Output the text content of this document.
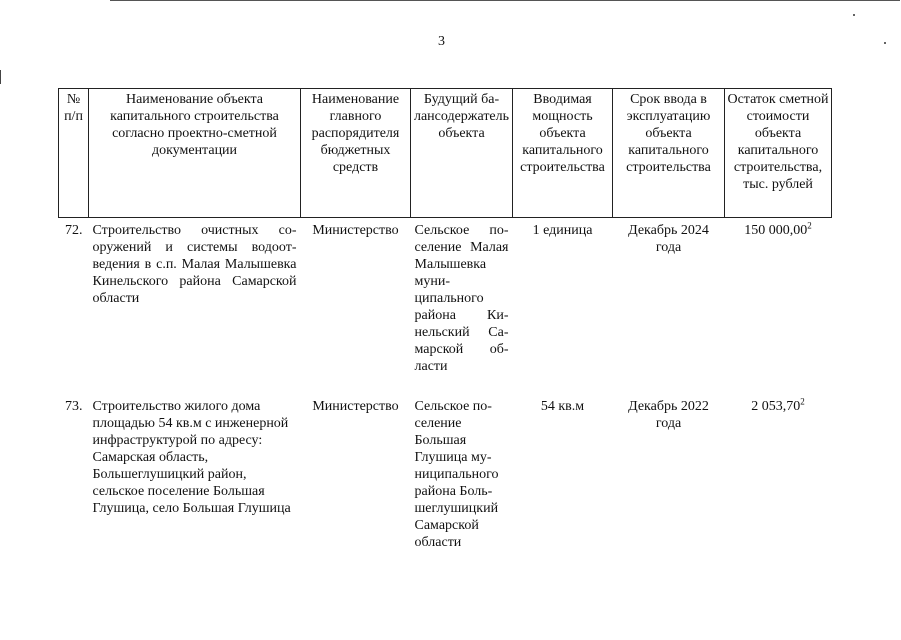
3
№ п/п	Наименование объекта капитального строительства согласно проектно-сметной документации	Наименование главного распорядителя бюджетных средств	Будущий балансодержатель объекта	Вводимая мощность объекта капитального строительства	Срок ввода в эксплуатацию объекта капитального строительства	Остаток сметной стоимости объекта капитального строительства, тыс. рублей
72.	Строительство очистных сооружений и системы водоотведения в с.п. Малая Малышевка Кинельского района Самарской области	Министерство	Сельское поселение Малая Малышевка муниципального района Кинельский Самарской области	1 единица	Декабрь 2024 года	150 000,00$^2$

73.	Строительство жилого дома площадью 54 кв.м с инженерной инфраструктурой по адресу: Самарская область, Большеглушицкий район, сельское поселение Большая Глушица, село Большая Глушица	Министерство	Сельское поселение Большая Глушица муниципального района Большеглушицкий Самарской области	54 кв.м	Декабрь 2022 года	2 053,70$^2$
